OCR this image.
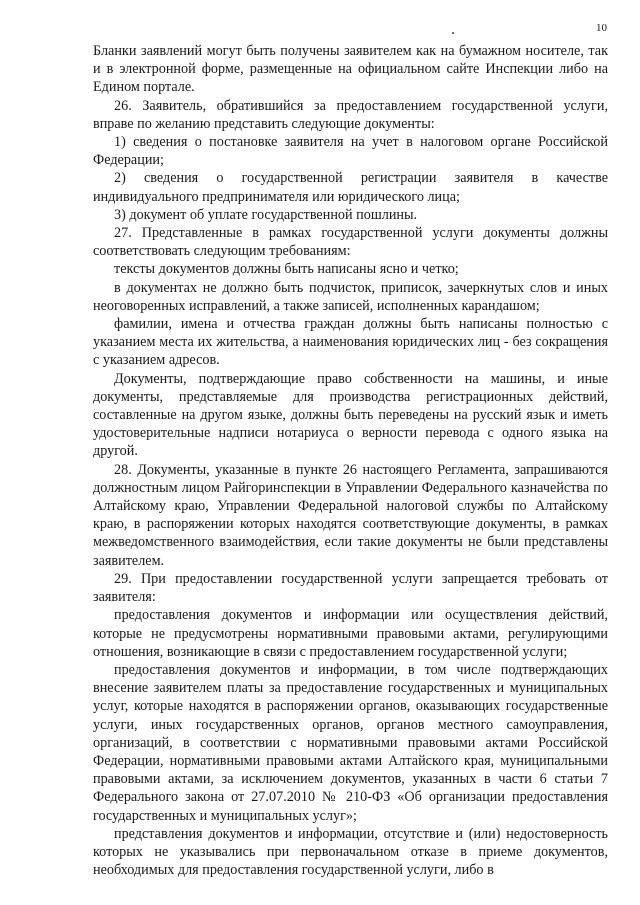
10

Бланки заявлений могут быть получены заявителем как на бумажном носителе, так и в электронной форме, размещенные на официальном сайте Инспекции либо на Едином портале.

26. Заявитель, обратившийся за предоставлением государственной услуги, вправе по желанию представить следующие документы:

1) сведения о постановке заявителя на учет в налоговом органе Российской Федерации;

2) сведения о государственной регистрации заявителя в качестве индивидуального предпринимателя или юридического лица;

3) документ об уплате государственной пошлины.

27. Представленные в рамках государственной услуги документы должны соответствовать следующим требованиям:

тексты документов должны быть написаны ясно и четко;

в документах не должно быть подчисток, приписок, зачеркнутых слов и иных неоговоренных исправлений, а также записей, исполненных карандашом;

фамилии, имена и отчества граждан должны быть написаны полностью с указанием места их жительства, а наименования юридических лиц - без сокращения с указанием адресов.

Документы, подтверждающие право собственности на машины, и иные документы, представляемые для производства регистрационных действий, составленные на другом языке, должны быть переведены на русский язык и иметь удостоверительные надписи нотариуса о верности перевода с одного языка на другой.

28. Документы, указанные в пункте 26 настоящего Регламента, запрашиваются должностным лицом Райгоринспекции в Управлении Федерального казначейства по Алтайскому краю, Управлении Федеральной налоговой службы по Алтайскому краю, в распоряжении которых находятся соответствующие документы, в рамках межведомственного взаимодействия, если такие документы не были представлены заявителем.

29. При предоставлении государственной услуги запрещается требовать от заявителя:

предоставления документов и информации или осуществления действий, которые не предусмотрены нормативными правовыми актами, регулирующими отношения, возникающие в связи с предоставлением государственной услуги;

предоставления документов и информации, в том числе подтверждающих внесение заявителем платы за предоставление государственных и муниципальных услуг, которые находятся в распоряжении органов, оказывающих государственные услуги, иных государственных органов, органов местного самоуправления, организаций, в соответствии с нормативными правовыми актами Российской Федерации, нормативными правовыми актами Алтайского края, муниципальными правовыми актами, за исключением документов, указанных в части 6 статьи 7 Федерального закона от 27.07.2010 № 210-ФЗ «Об организации предоставления государственных и муниципальных услуг»;

представления документов и информации, отсутствие и (или) недостоверность которых не указывались при первоначальном отказе в приеме документов, необходимых для предоставления государственной услуги, либо в
